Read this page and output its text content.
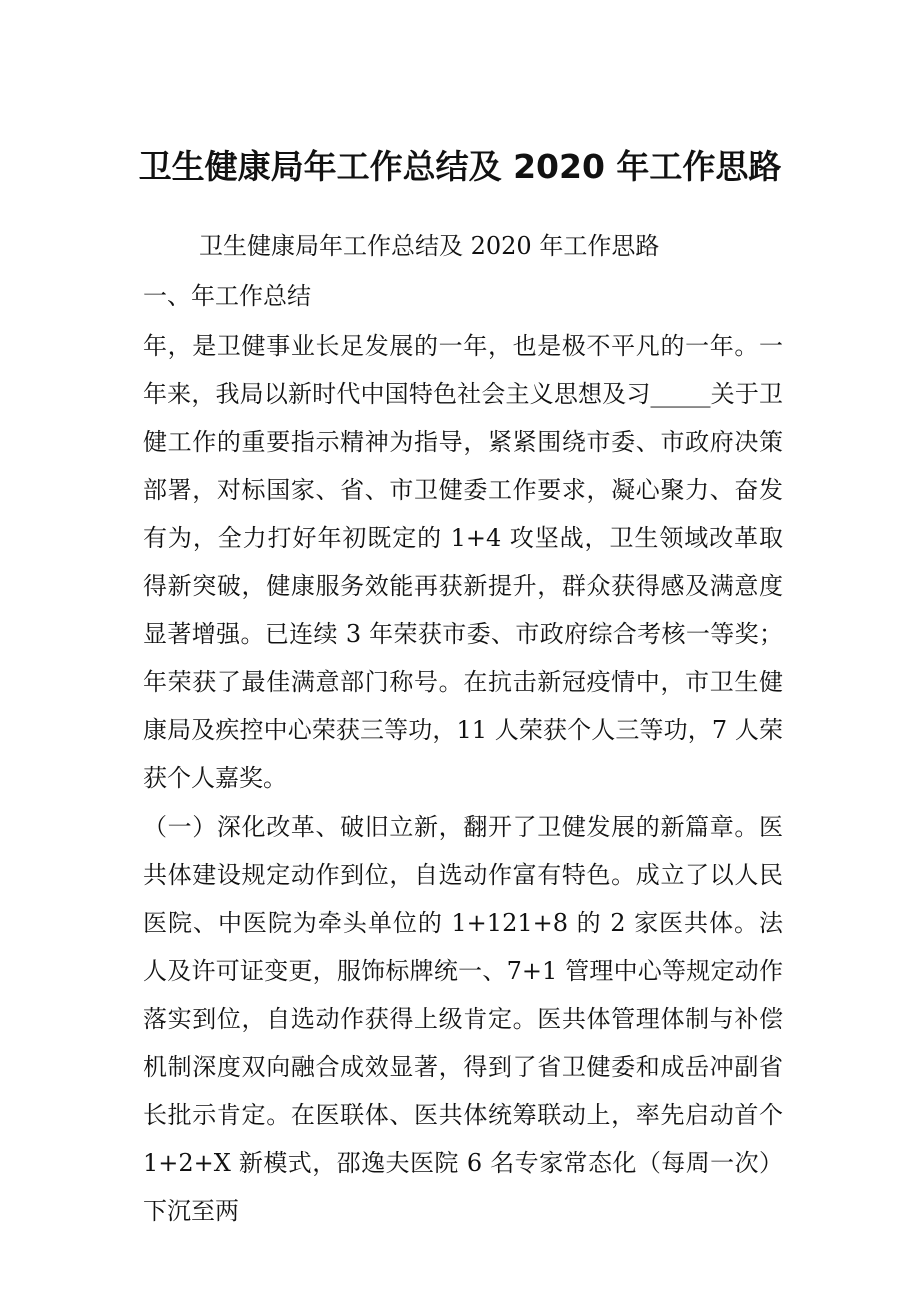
卫生健康局年工作总结及 2020 年工作思路
卫生健康局年工作总结及 2020 年工作思路
一、年工作总结

年，是卫健事业长足发展的一年，也是极不平凡的一年。一年来，我局以新时代中国特色社会主义思想及习_____关于卫健工作的重要指示精神为指导，紧紧围绕市委、市政府决策部署，对标国家、省、市卫健委工作要求，凝心聚力、奋发有为，全力打好年初既定的 1+4 攻坚战，卫生领域改革取得新突破，健康服务效能再获新提升，群众获得感及满意度显著增强。已连续 3 年荣获市委、市政府综合考核一等奖；年荣获了最佳满意部门称号。在抗击新冠疫情中，市卫生健康局及疾控中心荣获三等功，11 人荣获个人三等功，7 人荣获个人嘉奖。

（一）深化改革、破旧立新，翻开了卫健发展的新篇章。医共体建设规定动作到位，自选动作富有特色。成立了以人民医院、中医院为牵头单位的 1+121+8 的 2 家医共体。法人及许可证变更，服饰标牌统一、7+1 管理中心等规定动作落实到位，自选动作获得上级肯定。医共体管理体制与补偿机制深度双向融合成效显著，得到了省卫健委和成岳冲副省长批示肯定。在医联体、医共体统筹联动上，率先启动首个 1+2+X 新模式，邵逸夫医院 6 名专家常态化（每周一次）下沉至两
